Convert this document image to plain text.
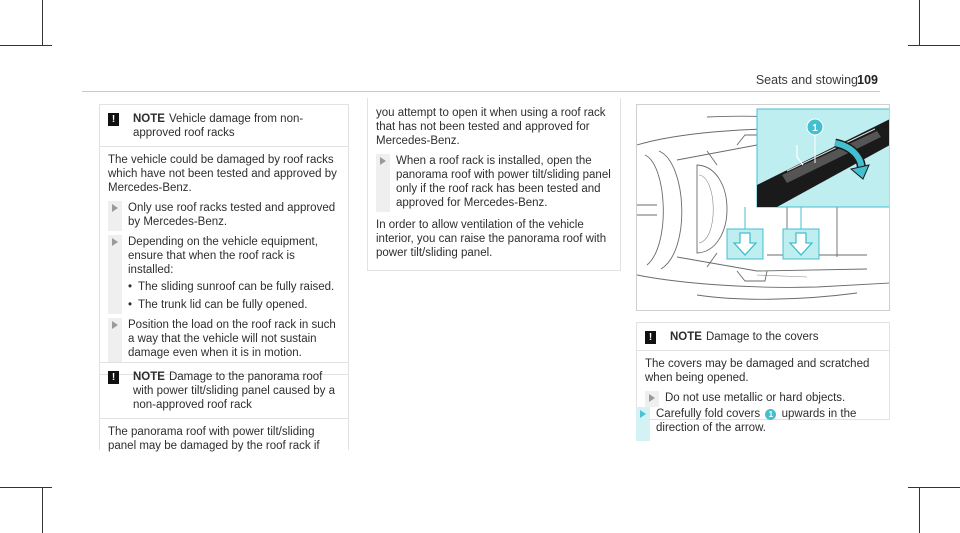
Seats and stowing 109
!	NOTE Vehicle damage from non-approved roof racks

The vehicle could be damaged by roof racks which have not been tested and approved by Mercedes-Benz.

Only use roof racks tested and approved by Mercedes-Benz.
Depending on the vehicle equipment, ensure that when the roof rack is installed:
• The sliding sunroof can be fully raised.
• The trunk lid can be fully opened.
Position the load on the roof rack in such a way that the vehicle will not sustain damage even when it is in motion.
!	NOTE Damage to the panorama roof with power tilt/sliding panel caused by a non-approved roof rack

The panorama roof with power tilt/sliding panel may be damaged by the roof rack if

you attempt to open it when using a roof rack that has not been tested and approved for Mercedes-Benz.

When a roof rack is installed, open the panorama roof with power tilt/sliding panel only if the roof rack has been tested and approved for Mercedes-Benz.

In order to allow ventilation of the vehicle interior, you can raise the panorama roof with power tilt/sliding panel.

1
!	NOTE Damage to the covers

The covers may be damaged and scratched when being opened.

Do not use metallic or hard objects.
Carefully fold covers 1 upwards in the direction of the arrow.
